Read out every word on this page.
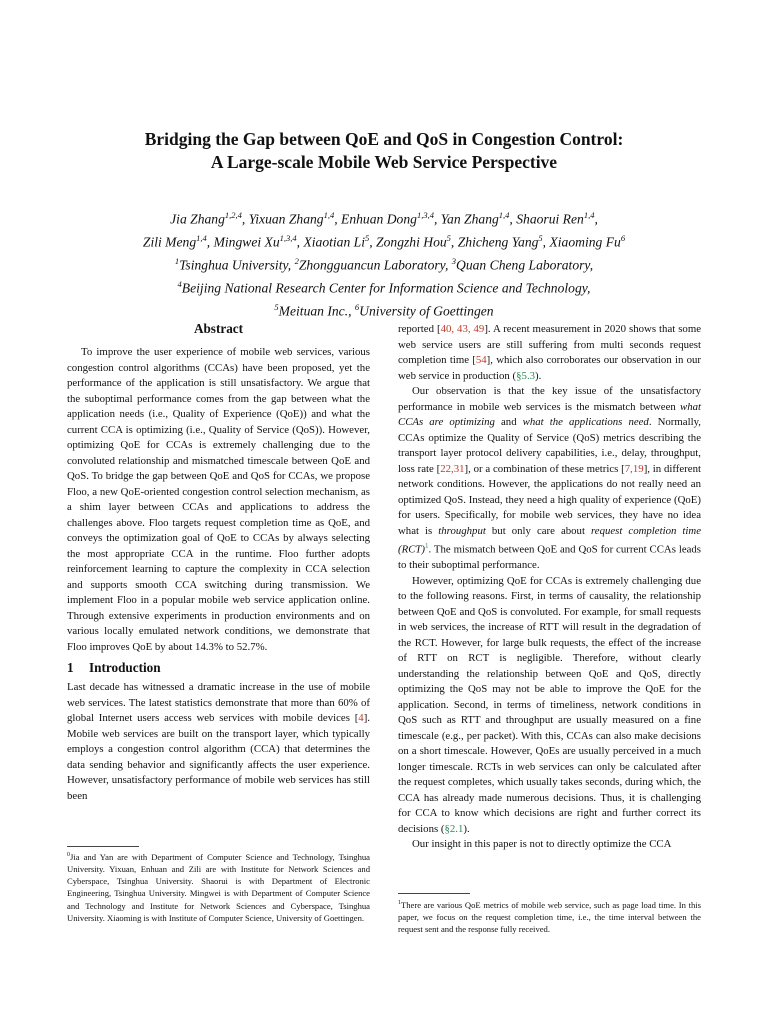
Bridging the Gap between QoE and QoS in Congestion Control:
A Large-scale Mobile Web Service Perspective
Jia Zhang$^{1,2,4}$, Yixuan Zhang$^{1,4}$, Enhuan Dong$^{1,3,4}$, Yan Zhang$^{1,4}$, Shaorui Ren$^{1,4}$,
Zili Meng$^{1,4}$, Mingwei Xu$^{1,3,4}$, Xiaotian Li$^5$, Zongzhi Hou$^5$, Zhicheng Yang$^5$, Xiaoming Fu$^6$
$^1$Tsinghua University, $^2$Zhongguancun Laboratory, $^3$Quan Cheng Laboratory,
$^4$Beijing National Research Center for Information Science and Technology,
$^5$Meituan Inc., $^6$University of Goettingen
Abstract

To improve the user experience of mobile web services, various congestion control algorithms (CCAs) have been proposed, yet the performance of the application is still unsatisfactory. We argue that the suboptimal performance comes from the gap between what the application needs (i.e., Quality of Experience (QoE)) and what the current CCA is optimizing (i.e., Quality of Service (QoS)). However, optimizing QoE for CCAs is extremely challenging due to the convoluted relationship and mismatched timescale between QoE and QoS. To bridge the gap between QoE and QoS for CCAs, we propose Floo, a new QoE-oriented congestion control selection mechanism, as a shim layer between CCAs and applications to address the challenges above. Floo targets request completion time as QoE, and conveys the optimization goal of QoE to CCAs by always selecting the most appropriate CCA in the runtime. Floo further adopts reinforcement learning to capture the complexity in CCA selection and supports smooth CCA switching during transmission. We implement Floo in a popular mobile web service application online. Through extensive experiments in production environments and on various locally emulated network conditions, we demonstrate that Floo improves QoE by about 14.3% to 52.7%.

1 Introduction

Last decade has witnessed a dramatic increase in the use of mobile web services. The latest statistics demonstrate that more than 60% of global Internet users access web services with mobile devices [4]. Mobile web services are built on the transport layer, which typically employs a congestion control algorithm (CCA) that determines the data sending behavior and significantly affects the user experience. However, unsatisfactory performance of mobile web services has still been

$^0$Jia and Yan are with Department of Computer Science and Technology, Tsinghua University. Yixuan, Enhuan and Zili are with Institute for Network Sciences and Cyberspace, Tsinghua University. Shaorui is with Department of Electronic Engineering, Tsinghua University. Mingwei is with Department of Computer Science and Technology and Institute for Network Sciences and Cyberspace, Tsinghua University. Xiaoming is with Institute of Computer Science, University of Goettingen.

reported [40, 43, 49]. A recent measurement in 2020 shows that some web service users are still suffering from multi seconds request completion time [54], which also corroborates our observation in our web service in production (§5.3).

Our observation is that the key issue of the unsatisfactory performance in mobile web services is the mismatch between what CCAs are optimizing and what the applications need. Normally, CCAs optimize the Quality of Service (QoS) metrics describing the transport layer protocol delivery capabilities, i.e., delay, throughput, loss rate [22,31], or a combination of these metrics [7,19], in different network conditions. However, the applications do not really need an optimized QoS. Instead, they need a high quality of experience (QoE) for users. Specifically, for mobile web services, they have no idea what is throughput but only care about request completion time (RCT)$^1$. The mismatch between QoE and QoS for current CCAs leads to their suboptimal performance.

However, optimizing QoE for CCAs is extremely challenging due to the following reasons. First, in terms of causality, the relationship between QoE and QoS is convoluted. For example, for small requests in web services, the increase of RTT will result in the degradation of the RCT. However, for large bulk requests, the effect of the increase of RTT on RCT is negligible. Therefore, without clearly understanding the relationship between QoE and QoS, directly optimizing the QoS may not be able to improve the QoE for the application. Second, in terms of timeliness, network conditions in QoS such as RTT and throughput are usually measured on a fine timescale (e.g., per packet). With this, CCAs can also make decisions on a short timescale. However, QoEs are usually perceived in a much longer timescale. RCTs in web services can only be calculated after the request completes, which usually takes seconds, during which, the CCA has already made numerous decisions. Thus, it is challenging for CCA to know which decisions are right and further correct its decisions (§2.1).

Our insight in this paper is not to directly optimize the CCA

$^1$There are various QoE metrics of mobile web service, such as page load time. In this paper, we focus on the request completion time, i.e., the time interval between the request sent and the response fully received.
